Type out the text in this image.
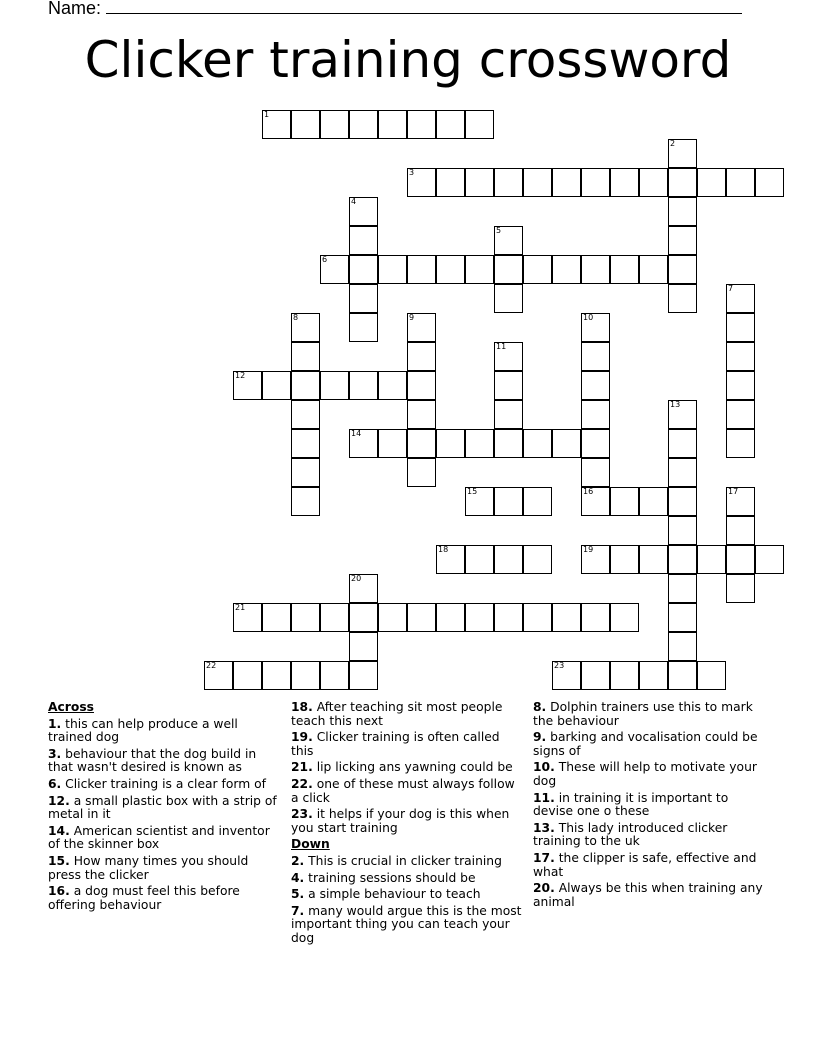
Name:
Clicker training crossword
1
2
3
4
5
6
7
8	9	10
11
12
13
14
15	16	17
18	19
20
21
22	23
Across
1. this can help produce a well trained dog
3. behaviour that the dog build in that wasn't desired is known as
6. Clicker training is a clear form of
12. a small plastic box with a strip of metal in it
14. American scientist and inventor of the skinner box
15. How many times you should press the clicker
16. a dog must feel this before offering behaviour
18. After teaching sit most people teach this next
19. Clicker training is often called this
21. lip licking ans yawning could be
22. one of these must always follow a click
23. it helps if your dog is this when you start training
Down
2. This is crucial in clicker training
4. training sessions should be
5. a simple behaviour to teach
7. many would argue this is the most important thing you can teach your dog
8. Dolphin trainers use this to mark the behaviour
9. barking and vocalisation could be signs of
10. These will help to motivate your dog
11. in training it is important to devise one o these
13. This lady introduced clicker training to the uk
17. the clipper is safe, effective and what
20. Always be this when training any animal
